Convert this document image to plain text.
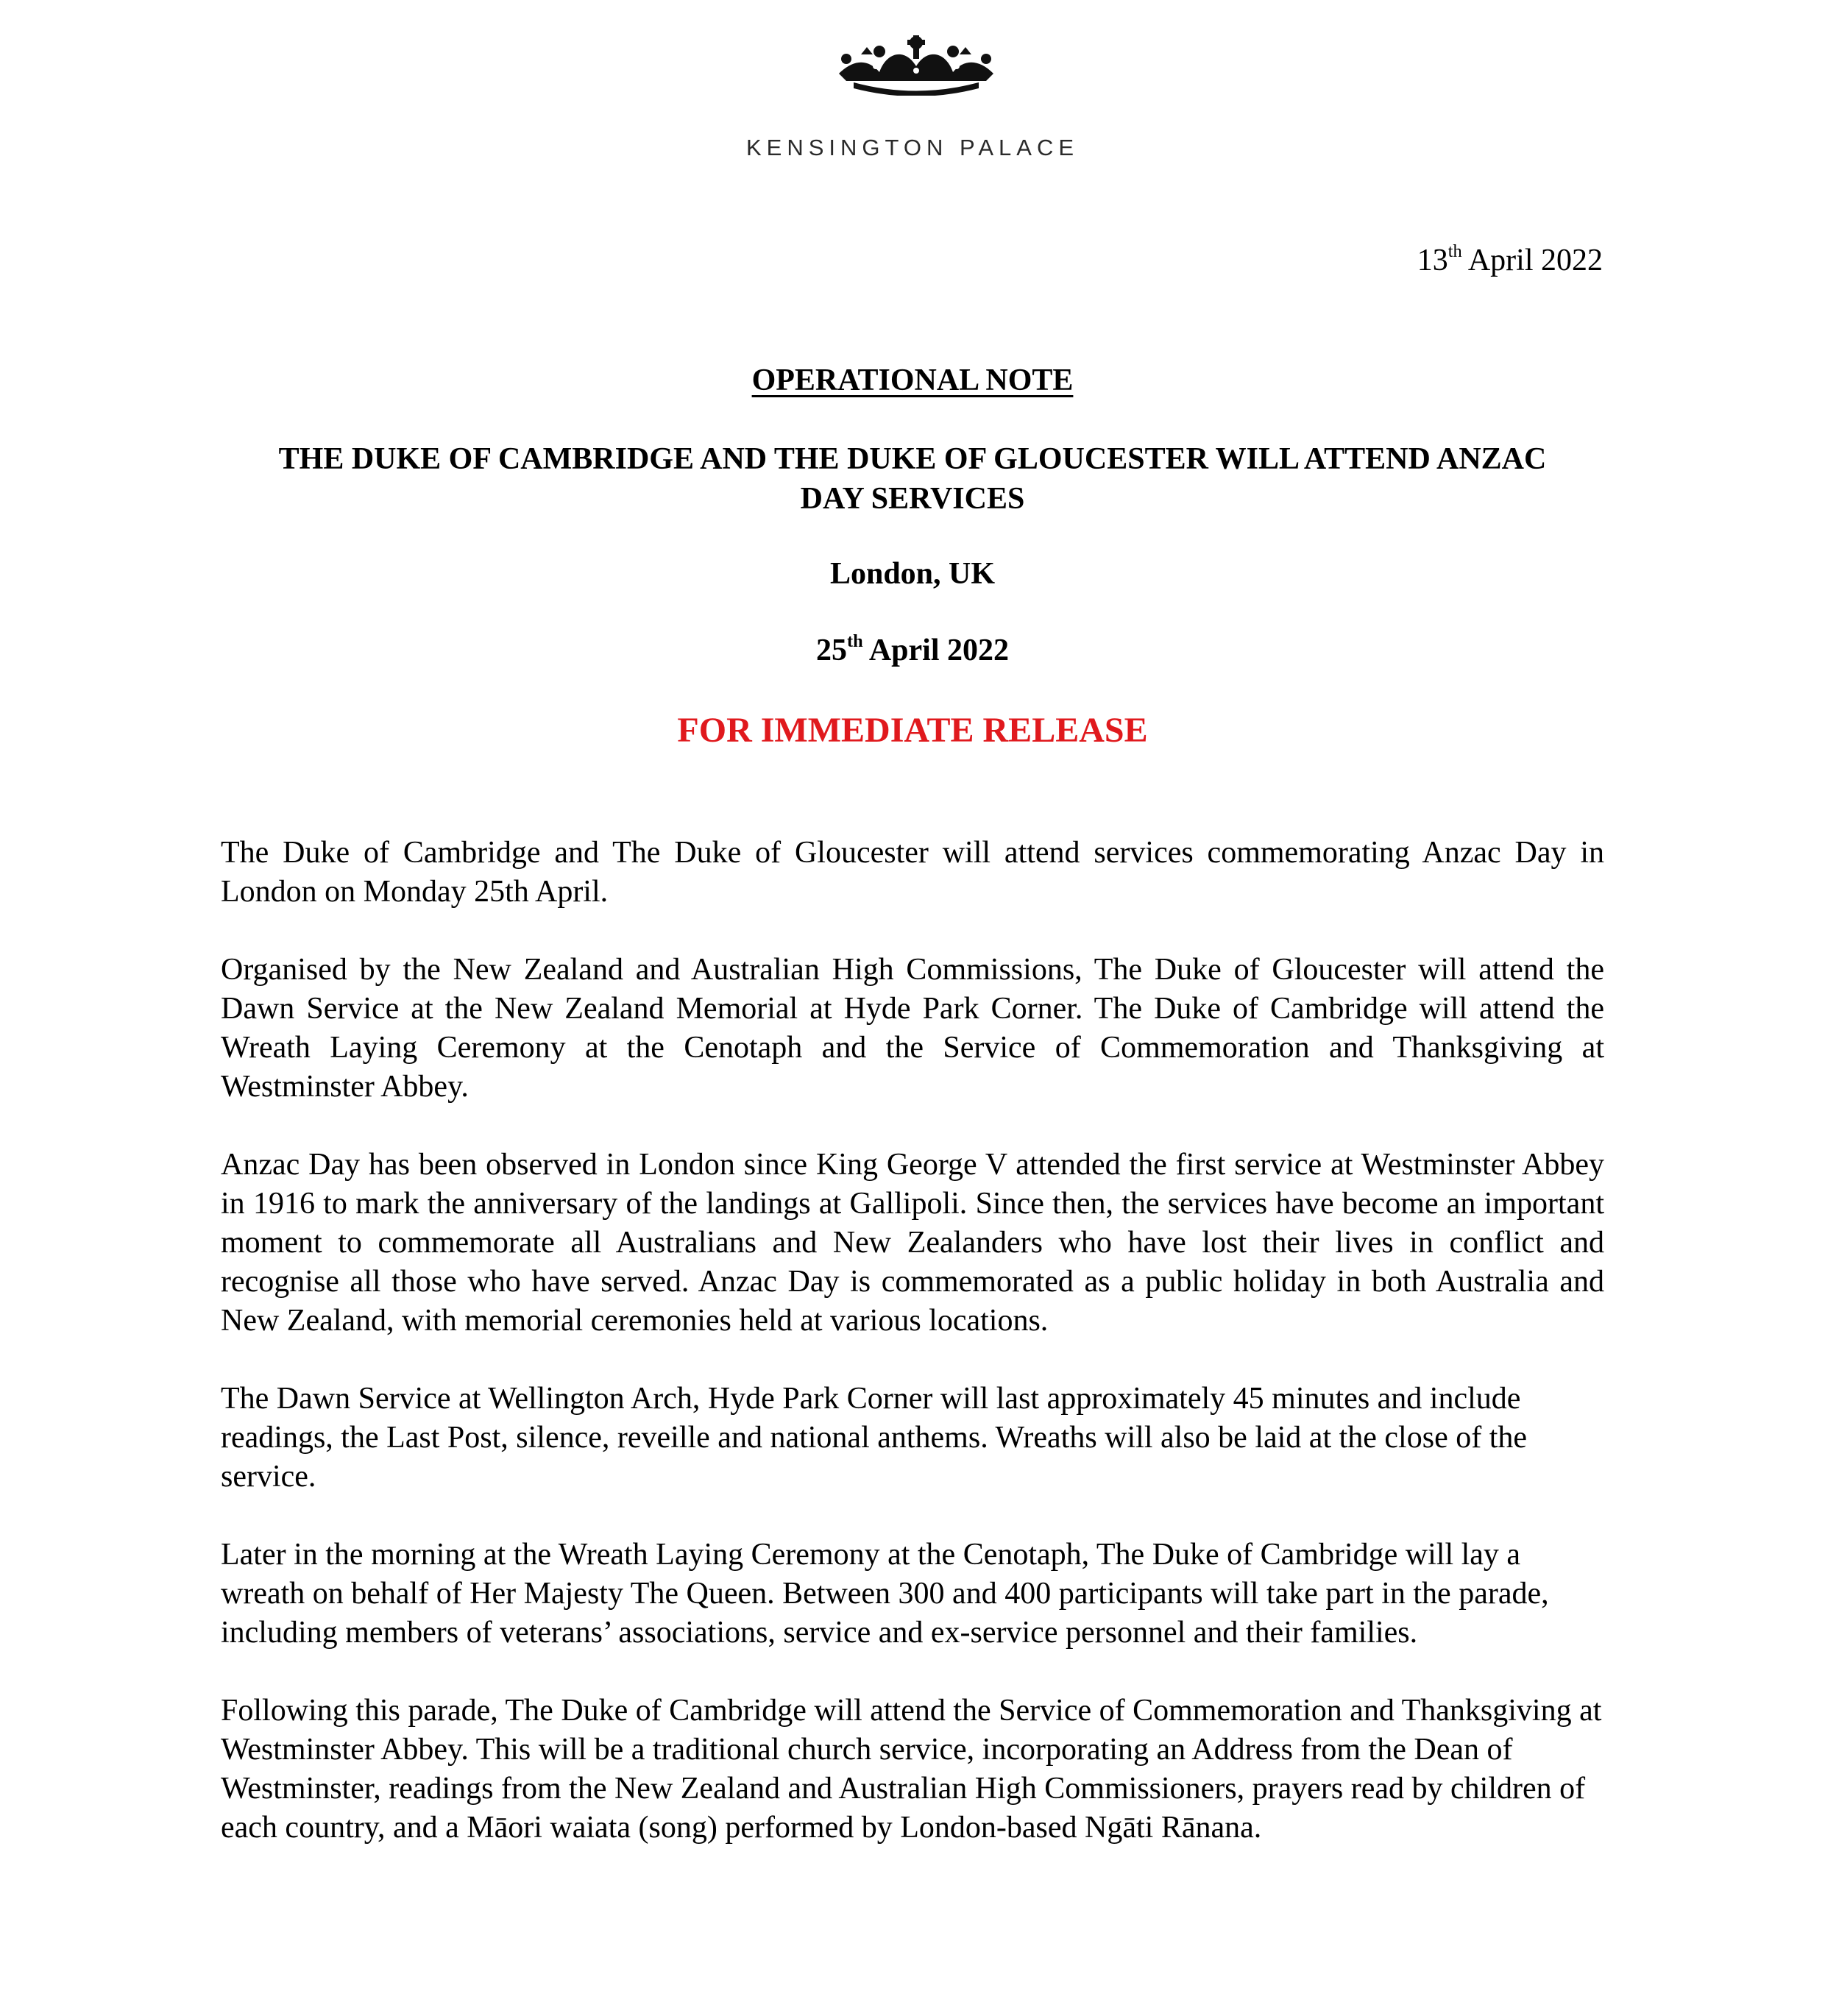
KENSINGTON PALACE
13th April 2022
OPERATIONAL NOTE
THE DUKE OF CAMBRIDGE AND THE DUKE OF GLOUCESTER WILL ATTEND ANZAC DAY SERVICES
London, UK
25th April 2022
FOR IMMEDIATE RELEASE

The Duke of Cambridge and The Duke of Gloucester will attend services commemorating Anzac Day in London on Monday 25th April.

Organised by the New Zealand and Australian High Commissions, The Duke of Gloucester will attend the Dawn Service at the New Zealand Memorial at Hyde Park Corner. The Duke of Cambridge will attend the Wreath Laying Ceremony at the Cenotaph and the Service of Commemoration and Thanksgiving at Westminster Abbey.

Anzac Day has been observed in London since King George V attended the first service at Westminster Abbey in 1916 to mark the anniversary of the landings at Gallipoli. Since then, the services have become an important moment to commemorate all Australians and New Zealanders who have lost their lives in conflict and recognise all those who have served. Anzac Day is commemorated as a public holiday in both Australia and New Zealand, with memorial ceremonies held at various locations.

The Dawn Service at Wellington Arch, Hyde Park Corner will last approximately 45 minutes and include readings, the Last Post, silence, reveille and national anthems. Wreaths will also be laid at the close of the service.

Later in the morning at the Wreath Laying Ceremony at the Cenotaph, The Duke of Cambridge will lay a wreath on behalf of Her Majesty The Queen. Between 300 and 400 participants will take part in the parade, including members of veterans’ associations, service and ex-service personnel and their families.

Following this parade, The Duke of Cambridge will attend the Service of Commemoration and Thanksgiving at Westminster Abbey. This will be a traditional church service, incorporating an Address from the Dean of Westminster, readings from the New Zealand and Australian High Commissioners, prayers read by children of each country, and a Māori waiata (song) performed by London-based Ngāti Rānana.
